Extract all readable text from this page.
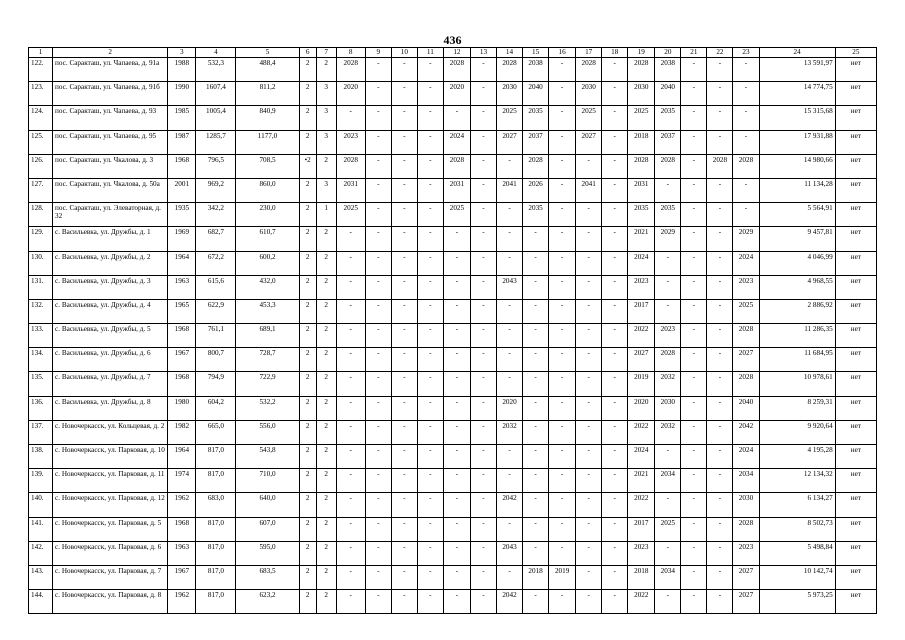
436
1	2	3	4	5	6	7	8	9	10	11	12	13	14	15	16	17	18	19	20	21	22	23	24	25
122.	пос. Саракташ, ул. Чапаева, д. 91а	1988	532,3	488,4	2	2	2028	-	-	-	2028	-	2028	2038	-	2028	-	2028	2038	-	-	-	13 591,97	нет
123.	пос. Саракташ, ул. Чапаева, д. 91б	1990	1607,4	811,2	2	3	2020	-	-	-	2020	-	2030	2040	-	2030	-	2030	2040	-	-	-	14 774,75	нет
124.	пос. Саракташ, ул. Чапаева, д. 93	1985	1005,4	840,9	2	3	-	-	-	-	-	-	2025	2035	-	2025	-	2025	2035	-	-	-	15 315,68	нет
125.	пос. Саракташ, ул. Чапаева, д. 95	1987	1285,7	1177,0	2	3	2023	-	-	-	2024	-	2027	2037	-	2027	-	2018	2037	-	-	-	17 931,88	нет
126.	пос. Саракташ, ул. Чкалова, д. 3	1968	796,5	708,5	•2	2	2028	-	-	-	2028	-	-	2028	-	-	-	2028	2028	-	2028	2028	14 980,66	нет
127.	пос. Саракташ, ул. Чкалова, д. 50а	2001	969,2	860,0	2	3	2031	-	-	-	2031	-	2041	2026	-	2041	-	2031	-	-	-	-	11 134,28	нет
128.	пос. Саракташ, ул. Элеваторная, д. 32	1935	342,2	230,0	2	1	2025	-	-	-	2025	-	-	2035	-	-	-	2035	2035	-	-	-	5 564,91	нет
129.	с. Васильевка, ул. Дружбы, д. 1	1969	682,7	610,7	2	2	-	-	-	-	-	-	-	-	-	-	-	2021	2029	-	-	2029	9 457,81	нет
130.	с. Васильевка, ул. Дружбы, д. 2	1964	672,2	600,2	2	2	-	-	-	-	-	-	-	-	-	-	-	2024	-	-	-	2024	4 046,99	нет
131.	с. Васильевка, ул. Дружбы, д. 3	1963	615,6	432,0	2	2	-	-	-	-	-	-	2043	-	-	-	-	2023	-	-	-	2023	4 968,55	нет
132.	с. Васильевка, ул. Дружбы, д. 4	1965	622,9	453,3	2	2	-	-	-	-	-	-	-	-	-	-	-	2017	-	-	-	2025	2 886,92	нет
133.	с. Васильевка, ул. Дружбы, д. 5	1968	761,1	689,1	2	2	-	-	-	-	-	-	-	-	-	-	-	2022	2023	-	-	2028	11 286,35	нет
134.	с. Васильевка, ул. Дружбы, д. 6	1967	800,7	728,7	2	2	-	-	-	-	-	-	-	-	-	-	-	2027	2028	-	-	2027	11 684,95	нет
135.	с. Васильевка, ул. Дружбы, д. 7	1968	794,9	722,9	2	2	-	-	-	-	-	-	-	-	-	-	-	2019	2032	-	-	2028	10 978,61	нет
136.	с. Васильевка, ул. Дружбы, д. 8	1980	604,2	532,2	2	2	-	-	-	-	-	-	2020	-	-	-	-	2020	2030	-	-	2040	8 259,31	нет
137.	с. Новочеркасск, ул. Кольцевая, д. 2	1982	665,0	556,0	2	2	-	-	-	-	-	-	2032	-	-	-	-	2022	2032	-	-	2042	9 920,64	нет
138.	с. Новочеркасск, ул. Парковая, д. 10	1964	817,0	543,8	2	2	-	-	-	-	-	-	-	-	-	-	-	2024	-	-	-	2024	4 195,28	нет
139.	с. Новочеркасск, ул. Парковая, д. 11	1974	817,0	710,0	2	2	-	-	-	-	-	-	-	-	-	-	-	2021	2034	-	-	2034	12 134,32	нет
140.	с. Новочеркасск, ул. Парковая, д. 12	1962	683,0	640,0	2	2	-	-	-	-	-	-	2042	-	-	-	-	2022	-	-	-	2030	6 134,27	нет
141.	с. Новочеркасск, ул. Парковая, д. 5	1968	817,0	607,0	2	2	-	-	-	-	-	-	-	-	-	-	-	2017	2025	-	-	2028	8 502,73	нет
142.	с. Новочеркасск, ул. Парковая, д. 6	1963	817,0	595,0	2	2	-	-	-	-	-	-	2043	-	-	-	-	2023	-	-	-	2023	5 498,84	нет
143.	с. Новочеркасск, ул. Парковая, д. 7	1967	817,0	683,5	2	2	-	-	-	-	-	-	-	2018	2019	-	-	2018	2034	-	-	2027	10 142,74	нет
144.	с. Новочеркасск, ул. Парковая, д. 8	1962	817,0	623,2	2	2	-	-	-	-	-	-	2042	-	-	-	-	2022	-	-	-	2027	5 973,25	нет
